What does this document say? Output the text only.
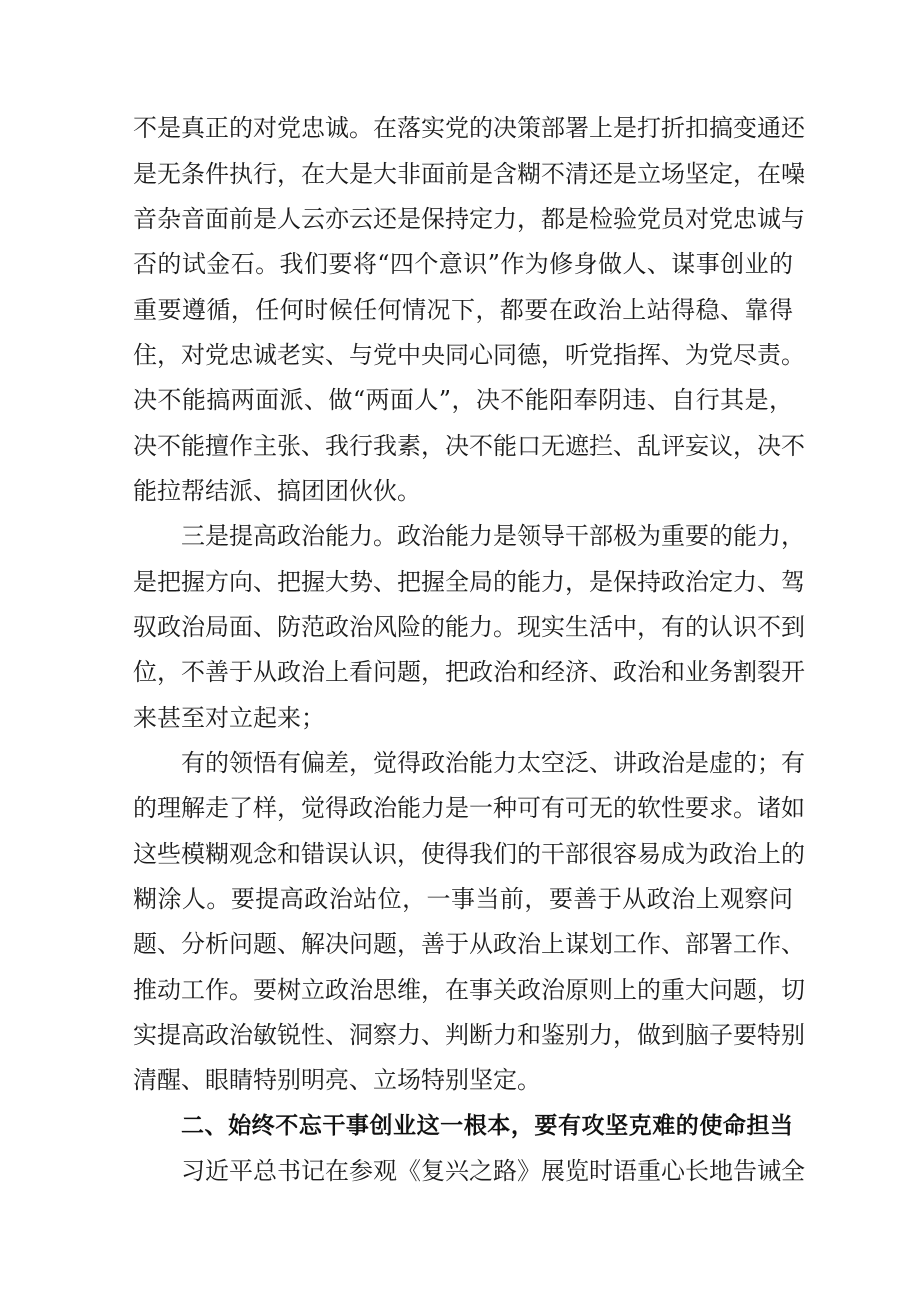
不是真正的对党忠诚。在落实党的决策部署上是打折扣搞变通还
是无条件执行，在大是大非面前是含糊不清还是立场坚定，在噪
音杂音面前是人云亦云还是保持定力，都是检验党员对党忠诚与
否的试金石。我们要将“四个意识”作为修身做人、谋事创业的
重要遵循，任何时候任何情况下，都要在政治上站得稳、靠得
住，对党忠诚老实、与党中央同心同德，听党指挥、为党尽责。
决不能搞两面派、做“两面人”，决不能阳奉阴违、自行其是，
决不能擅作主张、我行我素，决不能口无遮拦、乱评妄议，决不
能拉帮结派、搞团团伙伙。
三是提高政治能力。政治能力是领导干部极为重要的能力，
是把握方向、把握大势、把握全局的能力，是保持政治定力、驾
驭政治局面、防范政治风险的能力。现实生活中，有的认识不到
位，不善于从政治上看问题，把政治和经济、政治和业务割裂开
来甚至对立起来；
有的领悟有偏差，觉得政治能力太空泛、讲政治是虚的；有
的理解走了样，觉得政治能力是一种可有可无的软性要求。诸如
这些模糊观念和错误认识，使得我们的干部很容易成为政治上的
糊涂人。要提高政治站位，一事当前，要善于从政治上观察问
题、分析问题、解决问题，善于从政治上谋划工作、部署工作、
推动工作。要树立政治思维，在事关政治原则上的重大问题，切
实提高政治敏锐性、洞察力、判断力和鉴别力，做到脑子要特别
清醒、眼睛特别明亮、立场特别坚定。
二、始终不忘干事创业这一根本，要有攻坚克难的使命担当
习近平总书记在参观《复兴之路》展览时语重心长地告诫全
